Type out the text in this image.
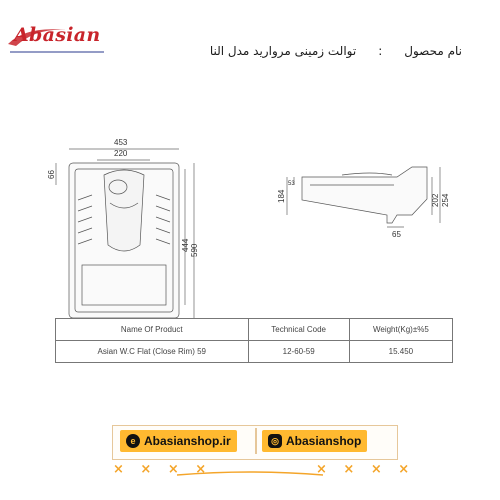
Abasian
نام محصول
:
توالت زمینی مروارید مدل النا
453
220
66
444 590
184
53
202 254
65
Name Of Product	Technical Code	Weight(Kg)±%5
Asian W.C Flat (Close Rim) 59	12-60-59	15.450
e Abasianshop.ir	◎ Abasianshop
× × × ×	× × × ×
